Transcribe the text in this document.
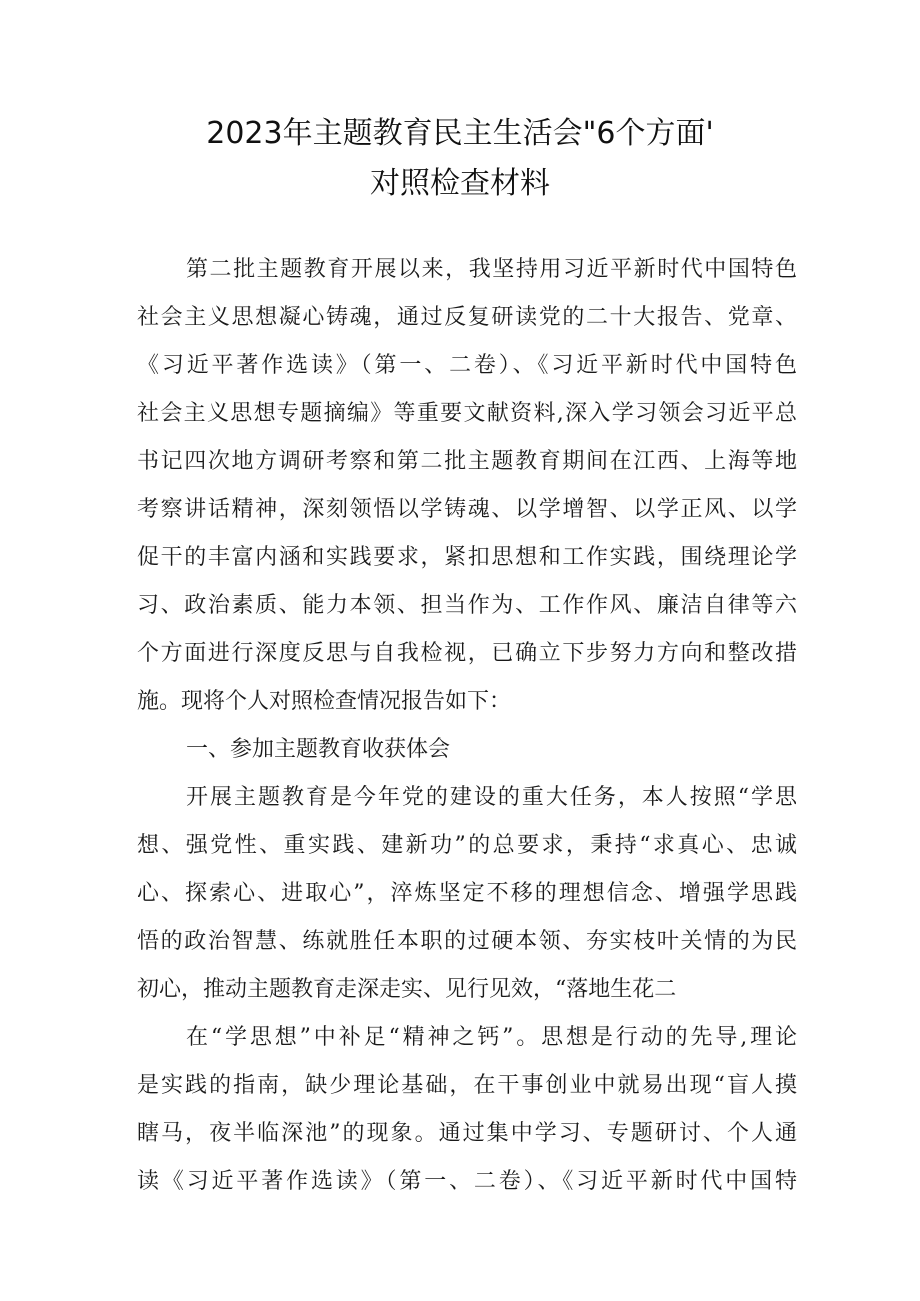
2023年主题教育民主生活会"6个方面'
对照检查材料
第二批主题教育开展以来，我坚持用习近平新时代中国特色
社会主义思想凝心铸魂，通过反复研读党的二十大报告、党章、
《习近平著作选读》（第一、二卷）、《习近平新时代中国特色
社会主义思想专题摘编》等重要文献资料,深入学习领会习近平总
书记四次地方调研考察和第二批主题教育期间在江西、上海等地
考察讲话精神，深刻领悟以学铸魂、以学增智、以学正风、以学
促干的丰富内涵和实践要求，紧扣思想和工作实践，围绕理论学
习、政治素质、能力本领、担当作为、工作作风、廉洁自律等六
个方面进行深度反思与自我检视，已确立下步努力方向和整改措
施。现将个人对照检查情况报告如下：
一、参加主题教育收获体会
开展主题教育是今年党的建设的重大任务，本人按照“学思
想、强党性、重实践、建新功”的总要求，秉持“求真心、忠诚
心、探索心、进取心”，淬炼坚定不移的理想信念、增强学思践
悟的政治智慧、练就胜任本职的过硬本领、夯实枝叶关情的为民
初心，推动主题教育走深走实、见行见效，“落地生花二
在“学思想”中补足“精神之钙”。思想是行动的先导,理论
是实践的指南，缺少理论基础，在干事创业中就易出现“盲人摸
瞎马，夜半临深池”的现象。通过集中学习、专题研讨、个人通
读《习近平著作选读》（第一、二卷）、《习近平新时代中国特
